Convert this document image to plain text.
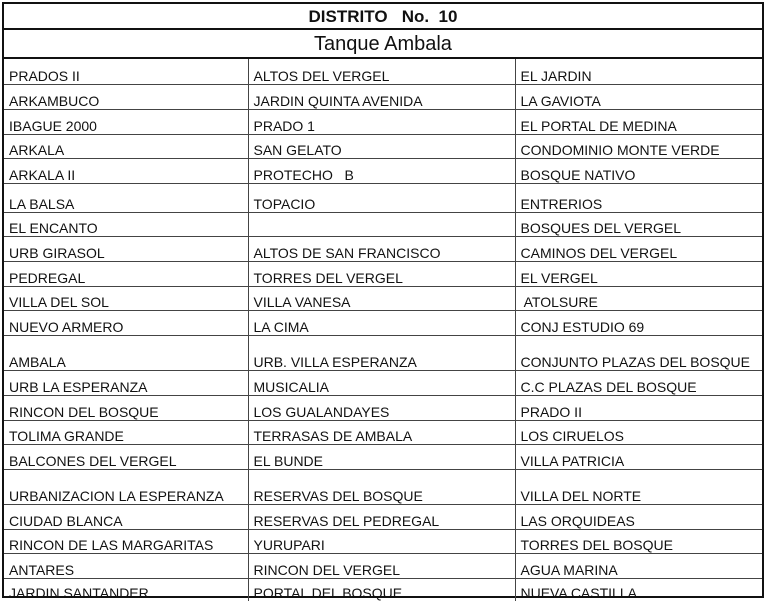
DISTRITO   No.  10
Tanque Ambala
PRADOS II	ALTOS DEL VERGEL	EL JARDIN
ARKAMBUCO	JARDIN QUINTA AVENIDA	LA GAVIOTA
IBAGUE 2000	PRADO 1	EL PORTAL DE MEDINA
ARKALA	SAN GELATO	CONDOMINIO MONTE VERDE
ARKALA II	PROTECHO   B	BOSQUE NATIVO
LA BALSA	TOPACIO	ENTRERIOS
EL ENCANTO		BOSQUES DEL VERGEL
URB GIRASOL	ALTOS DE SAN FRANCISCO	CAMINOS DEL VERGEL
PEDREGAL	TORRES DEL VERGEL	EL VERGEL
VILLA DEL SOL	VILLA VANESA	ATOLSURE
NUEVO ARMERO	LA CIMA	CONJ ESTUDIO 69
AMBALA	URB. VILLA ESPERANZA	CONJUNTO PLAZAS DEL BOSQUE
URB LA ESPERANZA	MUSICALIA	C.C PLAZAS DEL BOSQUE
RINCON DEL BOSQUE	LOS GUALANDAYES	PRADO II
TOLIMA GRANDE	TERRASAS DE AMBALA	LOS CIRUELOS
BALCONES DEL VERGEL	EL BUNDE	VILLA PATRICIA
URBANIZACION LA ESPERANZA	RESERVAS DEL BOSQUE	VILLA DEL NORTE
CIUDAD BLANCA	RESERVAS DEL PEDREGAL	LAS ORQUIDEAS
RINCON DE LAS MARGARITAS	YURUPARI	TORRES DEL BOSQUE
ANTARES	RINCON DEL VERGEL	AGUA MARINA
JARDIN SANTANDER	PORTAL DEL BOSQUE	NUEVA CASTILLA
